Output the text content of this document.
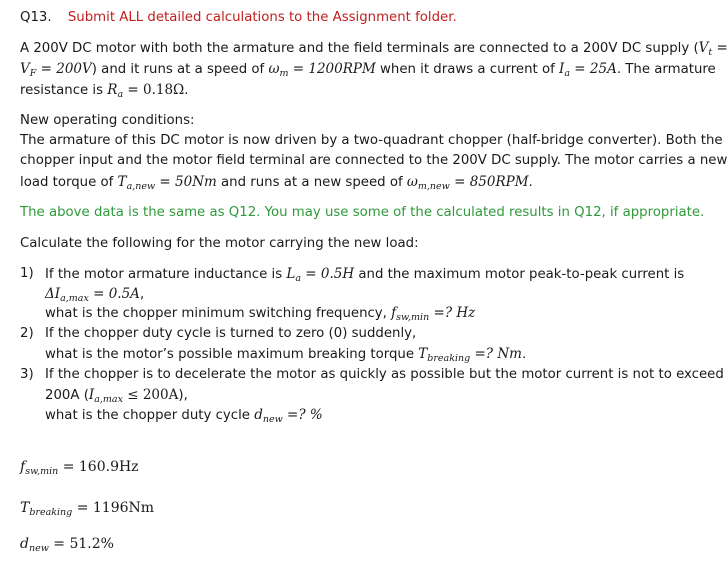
Q13. Submit ALL detailed calculations to the Assignment folder.
A 200V DC motor with both the armature and the field terminals are connected to a 200V DC supply ($V_t$ =
$V_F = 200V$) and it runs at a speed of $\omega_m = 1200RPM$ when it draws a current of $I_a = 25A$. The armature
resistance is $R_a = 0.18\Omega$.
New operating conditions:
The armature of this DC motor is now driven by a two-quadrant chopper (half-bridge converter). Both the
chopper input and the motor field terminal are connected to the 200V DC supply. The motor carries a new
load torque of $T_{a,new} = 50Nm$ and runs at a new speed of $\omega_{m,new} = 850RPM$.
The above data is the same as Q12. You may use some of the calculated results in Q12, if appropriate.
Calculate the following for the motor carrying the new load:
1) If the motor armature inductance is $L_a = 0.5H$ and the maximum motor peak-to-peak current is
$\Delta I_{a,max} = 0.5A$,
what is the chopper minimum switching frequency, $f_{sw,min}$ =? Hz
2) If the chopper duty cycle is turned to zero (0) suddenly,
what is the motor’s possible maximum breaking torque $T_{breaking}$ =? Nm.
3) If the chopper is to decelerate the motor as quickly as possible but the motor current is not to exceed
200A $(I_{a,max} \le 200A)$,
what is the chopper duty cycle $d_{new}$ =? %
$f_{sw,min} = 160.9Hz$
$T_{breaking} = 1196Nm$
$d_{new} = 51.2\%$
